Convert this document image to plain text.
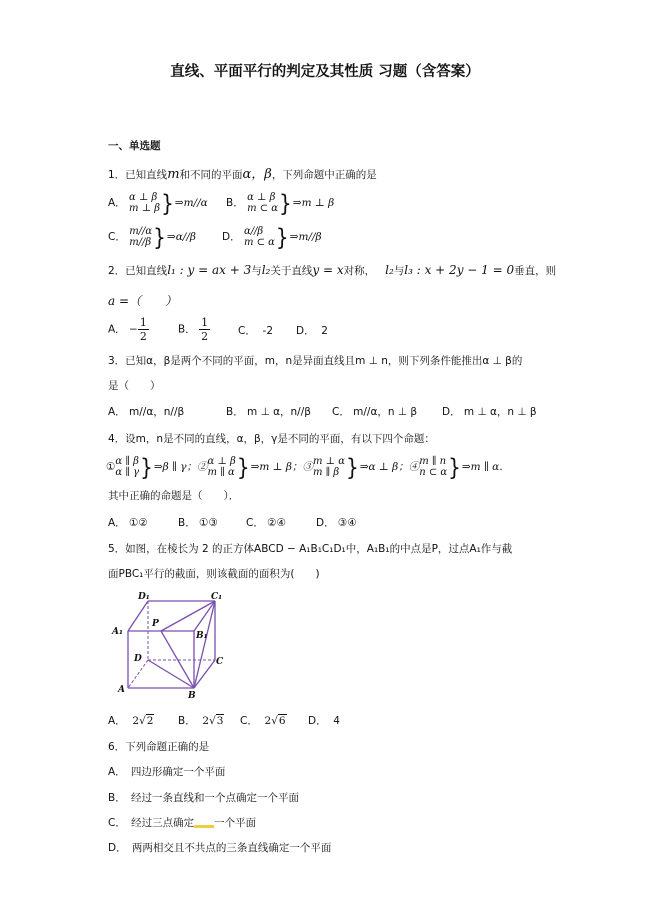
直线、平面平行的判定及其性质 习题（含答案）
一、单选题
1．已知直线m和不同的平面α，β，下列命题中正确的是
A． α ⊥ β
m ⊥ β }⇒m//α B． α ⊥ β
m ⊂ α }⇒m ⊥ β
C． m//α
m//β }⇒α//β D． α//β
m ⊂ α }⇒m//β
2．已知直线l₁ : y = ax + 3与l₂关于直线y = x对称， l₂与l₃ : x + 2y − 1 = 0垂直，则
a =（　　）
A． − $\frac{1}{2}$	B． $\frac{1}{2}$	C． -2 D． 2
3．已知α，β是两个不同的平面，m，n是异面直线且m ⊥ n，则下列条件能推出α ⊥ β的
是（　　）
A． m//α，n//β	B． m ⊥ α，n//β C． m//α，n ⊥ β D． m ⊥ α，n ⊥ β
4．设m，n是不同的直线，α，β，γ是不同的平面，有以下四个命题：
① α ∥ β
α ∥ γ }⇒β ∥ γ；② α ⊥ β
m ∥ α }⇒m ⊥ β；③ m ⊥ α
m ∥ β }⇒α ⊥ β；④ m ∥ n
n ⊂ α }⇒m ∥ α．
其中正确的命题是（　　）．
A． ①②	B． ①③	C． ②④	D． ③④
5．如图，在棱长为 2 的正方体ABCD − A₁B₁C₁D₁中，A₁B₁的中点是P，过点A₁作与截
面PBC₁平行的截面，则该截面的面积为(　　)
D₁	C₁
A₁
P
B₁
D	C
A
B
A． 2√2 B． 2√3 C． 2√6 D． 4
6．下列命题正确的是
A．　四边形确定一个平面
B．　经过一条直线和一个点确定一个平面
C．　经过三点确定 一个平面
D．　两两相交且不共点的三条直线确定一个平面
